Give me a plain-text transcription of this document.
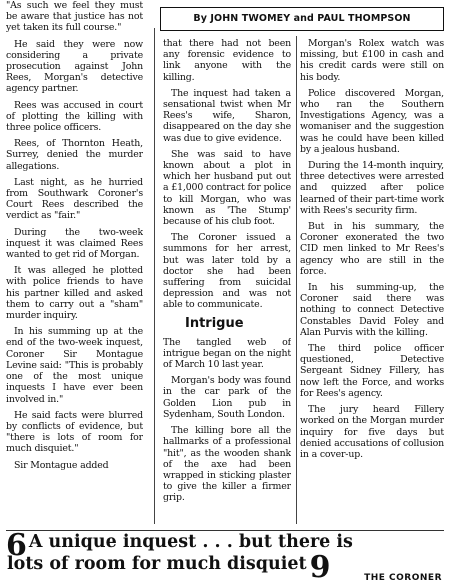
"As such we feel they must be aware that justice has not yet taken its full course."

He said they were now considering a private prosecution against John Rees, Morgan's detective agency partner.

Rees was accused in court of plotting the killing with three police officers.

Rees, of Thornton Heath, Surrey, denied the murder allegations.

Last night, as he hurried from Southwark Coroner's Court Rees described the verdict as "fair."

During the two-week inquest it was claimed Rees wanted to get rid of Morgan.

It was alleged he plotted with police friends to have his partner killed and asked them to carry out a "sham" murder inquiry.

In his summing up at the end of the two-week inquest, Coroner Sir Montague Levine said: "This is probably one of the most unique inquests I have ever been involved in."

He said facts were blurred by conflicts of evidence, but "there is lots of room for much disquiet."

Sir Montague added

By JOHN TWOMEY and PAUL THOMPSON

that there had not been any forensic evidence to link anyone with the killing.

The inquest had taken a sensational twist when Mr Rees's wife, Sharon, disappeared on the day she was due to give evidence.

She was said to have known about a plot in which her husband put out a £1,000 contract for police to kill Morgan, who was known as 'The Stump' because of his club foot.

The Coroner issued a summons for her arrest, but was later told by a doctor she had been suffering from suicidal depression and was not able to communicate.

Intrigue

The tangled web of intrigue began on the night of March 10 last year.

Morgan's body was found in the car park of the Golden Lion pub in Sydenham, South London.

The killing bore all the hallmarks of a professional "hit", as the wooden shank of the axe had been wrapped in sticking plaster to give the killer a firmer grip.

Morgan's Rolex watch was missing, but £100 in cash and his credit cards were still on his body.

Police discovered Morgan, who ran the Southern Investigations Agency, was a womaniser and the suggestion was he could have been killed by a jealous husband.

During the 14-month inquiry, three detectives were arrested and quizzed after police learned of their part-time work with Rees's security firm.

But in his summary, the Coroner exonerated the two CID men linked to Mr Rees's agency who are still in the force.

In his summing-up, the Coroner said there was nothing to connect Detective Constables David Foley and Alan Purvis with the killing.

The third police officer questioned, Detective Sergeant Sidney Fillery, has now left the Force, and works for Rees's agency.

The jury heard Fillery worked on the Morgan murder inquiry for five days but denied accusations of collusion in a cover-up.

6 A unique inquest . . . but there is
lots of room for much disquiet 9	THE CORONER
